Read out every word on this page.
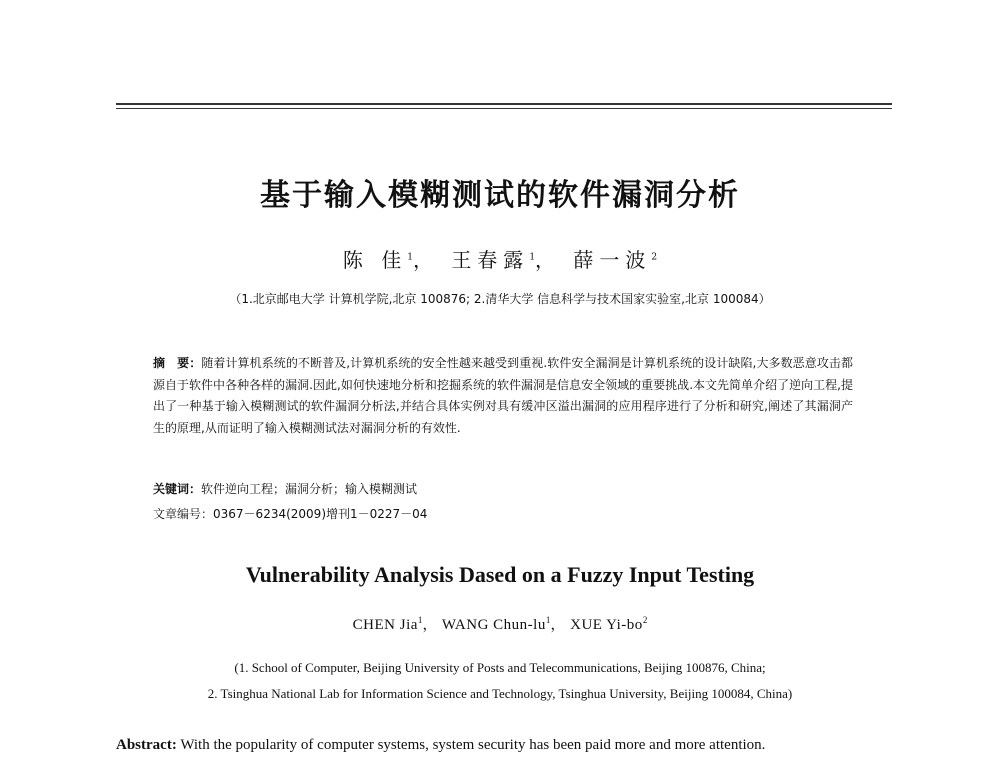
基于输入模糊测试的软件漏洞分析
陈 佳$^1$， 王春露$^1$， 薛一波$^2$
（1.北京邮电大学 计算机学院,北京 100876; 2.清华大学 信息科学与技术国家实验室,北京 100084）
摘　要：随着计算机系统的不断普及,计算机系统的安全性越来越受到重视.软件安全漏洞是计算机系统的设计缺陷,大多数恶意攻击都源自于软件中各种各样的漏洞.因此,如何快速地分析和挖掘系统的软件漏洞是信息安全领域的重要挑战.本文先简单介绍了逆向工程,提出了一种基于输入模糊测试的软件漏洞分析法,并结合具体实例对具有缓冲区溢出漏洞的应用程序进行了分析和研究,阐述了其漏洞产生的原理,从而证明了输入模糊测试法对漏洞分析的有效性.
关键词：软件逆向工程；漏洞分析；输入模糊测试
文章编号：0367－6234(2009)增刊1－0227－04
Vulnerability Analysis Dased on a Fuzzy Input Testing
CHEN Jia$^1$， WANG Chun-$lu^1$， XUE $Yi-bo^2$
(1. School of Computer, Beijing University of Posts and Telecommunications, Beijing 100876, China;
2. Tsinghua National Lab for Information Science and Technology, Tsinghua University, Beijing 100084, China)
Abstract: With the popularity of computer systems, system security has been paid more and more attention.
